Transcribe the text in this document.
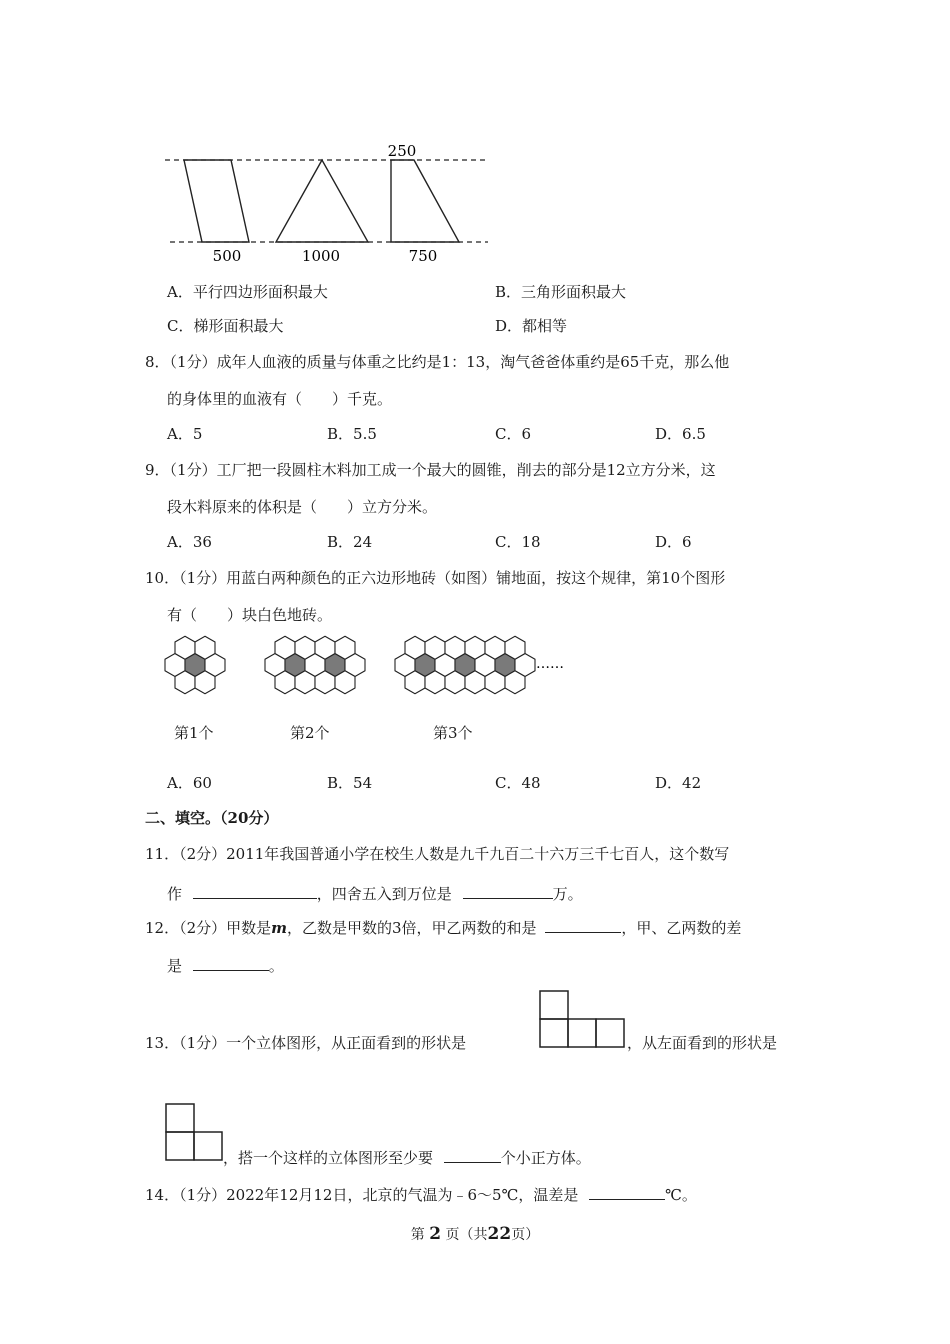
250
500	1000	750
A．平行四边形面积最大	B．三角形面积最大
C．梯形面积最大	D．都相等
8．（1分）成年人血液的质量与体重之比约是1：13，淘气爸爸体重约是65千克，那么他
的身体里的血液有（　　）千克。
A．5	B．5.5	C．6	D．6.5
9．（1分）工厂把一段圆柱木料加工成一个最大的圆锥，削去的部分是12立方分米，这
段木料原来的体积是（　　）立方分米。
A．36	B．24	C．18	D．6
10．（1分）用蓝白两种颜色的正六边形地砖（如图）铺地面，按这个规律，第10个图形
有（　　）块白色地砖。
……
第1个	第2个	第3个
A．60	B．54	C．48	D．42
二、填空。（20分）
11．（2分）2011年我国普通小学在校生人数是九千九百二十六万三千七百人，这个数写
作	，四舍五入到万位是	万。
12．（2分）甲数是m，乙数是甲数的3倍，甲乙两数的和是	，甲、乙两数的差
是	。
13．（1分）一个立体图形，从正面看到的形状是	，从左面看到的形状是
，搭一个这样的立体图形至少要	个小正方体。
14．（1分）2022年12月12日，北京的气温为﹣6～5℃，温差是	℃。
第 2 页（共22页）
